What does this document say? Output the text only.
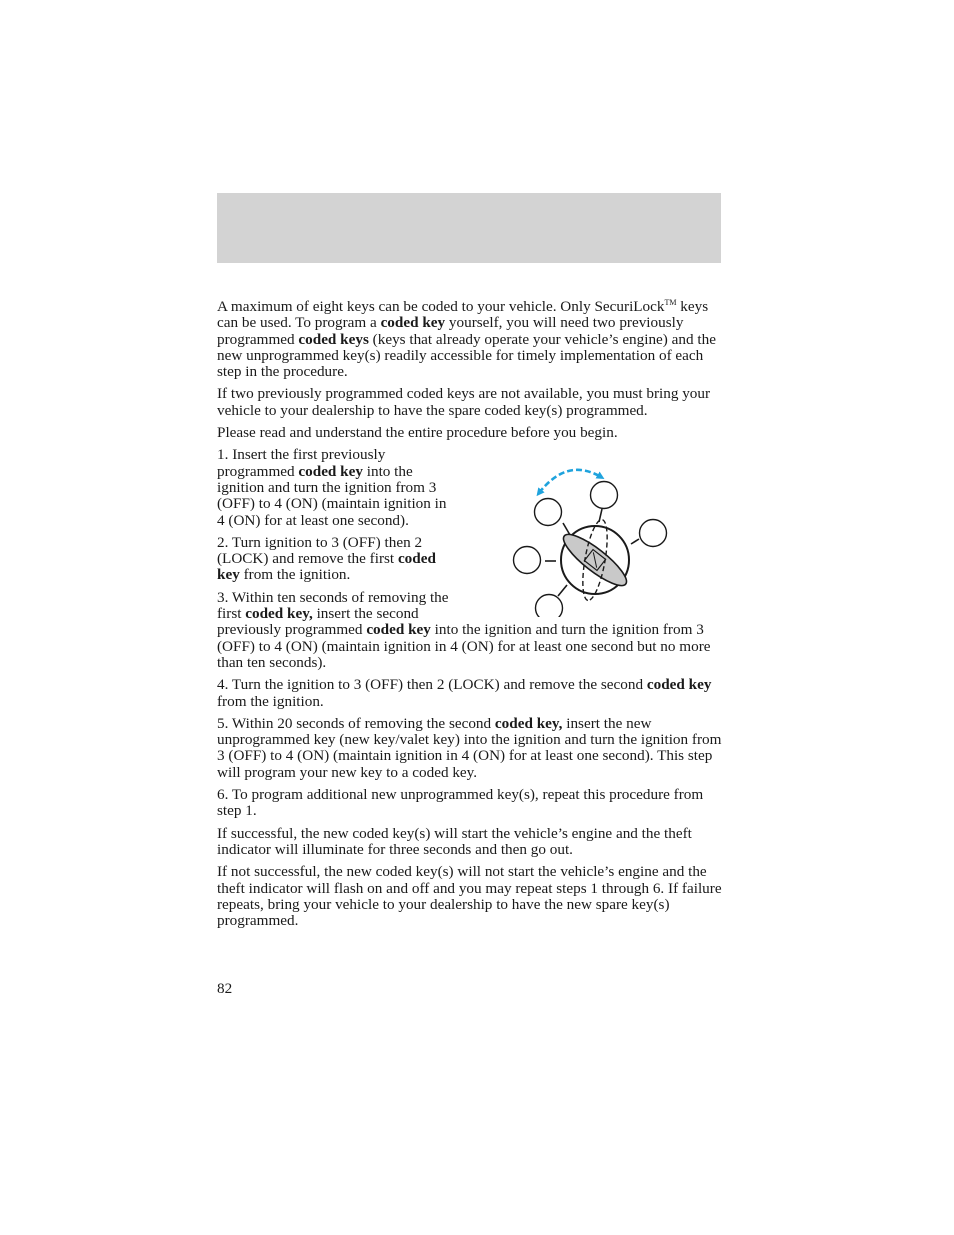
A maximum of eight keys can be coded to your vehicle. Only SecuriLock™ keys can be used. To program a coded key yourself, you will need two previously programmed coded keys (keys that already operate your vehicle’s engine) and the new unprogrammed key(s) readily accessible for timely implementation of each step in the procedure.

If two previously programmed coded keys are not available, you must bring your vehicle to your dealership to have the spare coded key(s) programmed.

Please read and understand the entire procedure before you begin.

1. Insert the first previously programmed coded key into the ignition and turn the ignition from 3 (OFF) to 4 (ON) (maintain ignition in 4 (ON) for at least one second).

2. Turn ignition to 3 (OFF) then 2 (LOCK) and remove the first coded key from the ignition.

3. Within ten seconds of removing the first coded key, insert the second previously programmed coded key into the ignition and turn the ignition from 3 (OFF) to 4 (ON) (maintain ignition in 4 (ON) for at least one second but no more than ten seconds).

4. Turn the ignition to 3 (OFF) then 2 (LOCK) and remove the second coded key from the ignition.

5. Within 20 seconds of removing the second coded key, insert the new unprogrammed key (new key/valet key) into the ignition and turn the ignition from 3 (OFF) to 4 (ON) (maintain ignition in 4 (ON) for at least one second). This step will program your new key to a coded key.

6. To program additional new unprogrammed key(s), repeat this procedure from step 1.

If successful, the new coded key(s) will start the vehicle’s engine and the theft indicator will illuminate for three seconds and then go out.

If not successful, the new coded key(s) will not start the vehicle’s engine and the theft indicator will flash on and off and you may repeat steps 1 through 6. If failure repeats, bring your vehicle to your dealership to have the new spare key(s) programmed.

82
